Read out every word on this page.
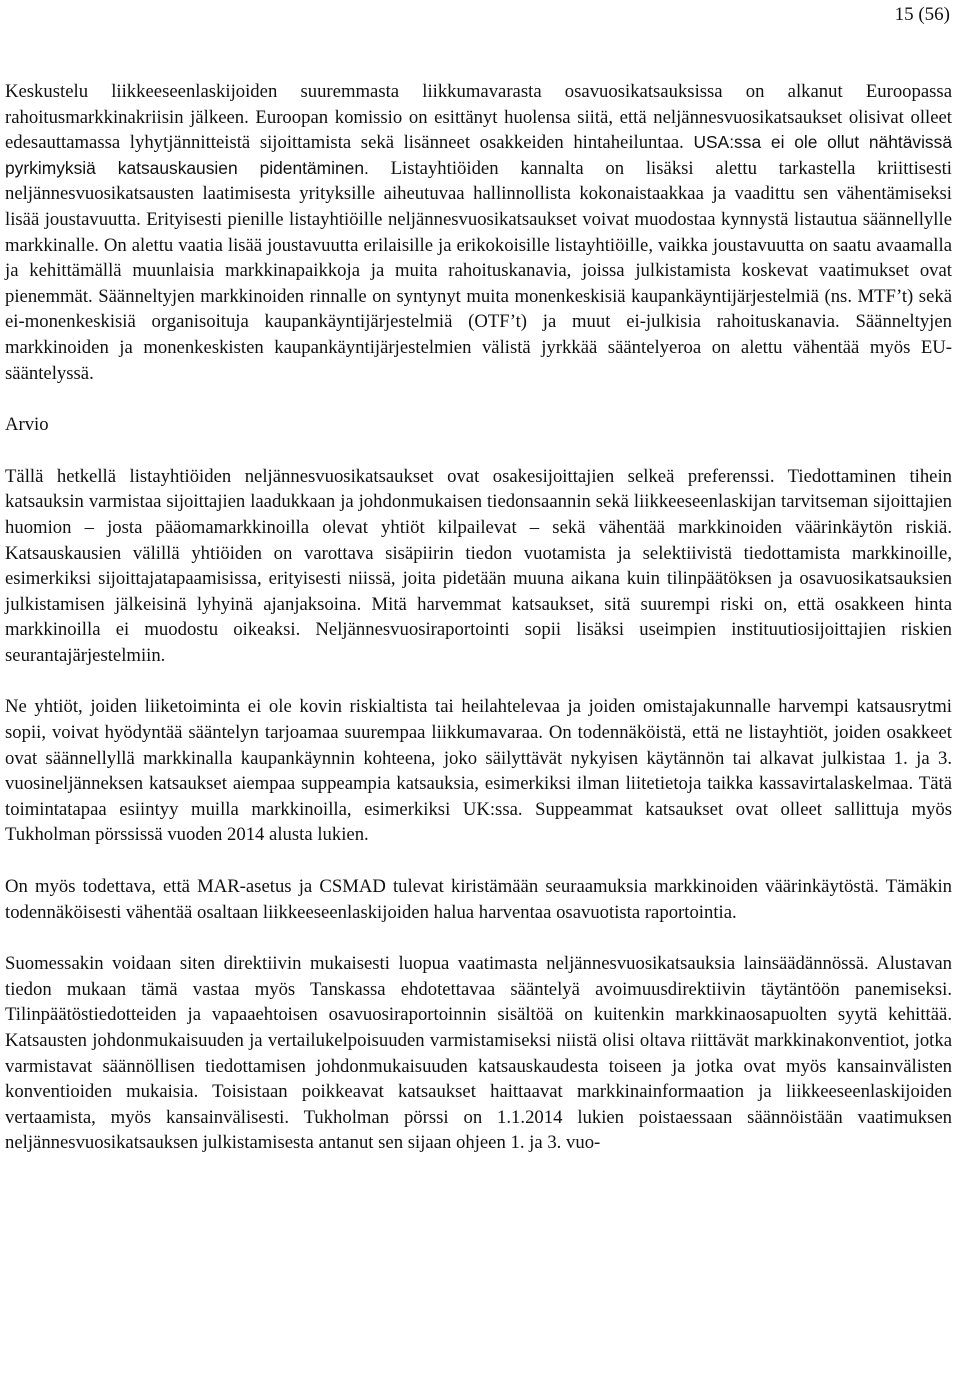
15 (56)

Keskustelu liikkeeseenlaskijoiden suuremmasta liikkumavarasta osavuosikatsauksissa on alkanut Euroopassa rahoitusmarkkinakriisin jälkeen. Euroopan komissio on esittänyt huolensa siitä, että neljännesvuosikatsaukset olisivat olleet edesauttamassa lyhytjännitteistä sijoittamista sekä lisänneet osakkeiden hintaheiluntaa. USA:ssa ei ole ollut nähtävissä pyrkimyksiä katsauskausien pidentäminen. Listayhtiöiden kannalta on lisäksi alettu tarkastella kriittisesti neljännesvuosikatsausten laatimisesta yrityksille aiheutuvaa hallinnollista kokonaistaakkaa ja vaadittu sen vähentämiseksi lisää joustavuutta. Erityisesti pienille listayhtiöille neljännesvuosikatsaukset voivat muodostaa kynnystä listautua säännellylle markkinalle. On alettu vaatia lisää joustavuutta erilaisille ja erikokoisille listayhtiöille, vaikka joustavuutta on saatu avaamalla ja kehittämällä muunlaisia markkinapaikkoja ja muita rahoituskanavia, joissa julkistamista koskevat vaatimukset ovat pienemmät. Säänneltyjen markkinoiden rinnalle on syntynyt muita monenkeskisiä kaupankäyntijärjestelmiä (ns. MTF’t) sekä ei-monenkeskisiä organisoituja kaupankäyntijärjestelmiä (OTF’t) ja muut ei-julkisia rahoituskanavia. Säänneltyjen markkinoiden ja monenkeskisten kaupankäyntijärjestelmien välistä jyrkkää sääntelyeroa on alettu vähentää myös EU-sääntelyssä.

Arvio

Tällä hetkellä listayhtiöiden neljännesvuosikatsaukset ovat osakesijoittajien selkeä preferenssi. Tiedottaminen tihein katsauksin varmistaa sijoittajien laadukkaan ja johdonmukaisen tiedonsaannin sekä liikkeeseenlaskijan tarvitseman sijoittajien huomion – josta pääomamarkkinoilla olevat yhtiöt kilpailevat – sekä vähentää markkinoiden väärinkäytön riskiä. Katsauskausien välillä yhtiöiden on varottava sisäpiirin tiedon vuotamista ja selektiivistä tiedottamista markkinoille, esimerkiksi sijoittajatapaamisissa, erityisesti niissä, joita pidetään muuna aikana kuin tilinpäätöksen ja osavuosikatsauksien julkistamisen jälkeisinä lyhyinä ajanjaksoina. Mitä harvemmat katsaukset, sitä suurempi riski on, että osakkeen hinta markkinoilla ei muodostu oikeaksi. Neljännesvuosiraportointi sopii lisäksi useimpien instituutiosijoittajien riskien seurantajärjestelmiin.

Ne yhtiöt, joiden liiketoiminta ei ole kovin riskialtista tai heilahtelevaa ja joiden omistajakunnalle harvempi katsausrytmi sopii, voivat hyödyntää sääntelyn tarjoamaa suurempaa liikkumavaraa. On todennäköistä, että ne listayhtiöt, joiden osakkeet ovat säännellyllä markkinalla kaupankäynnin kohteena, joko säilyttävät nykyisen käytännön tai alkavat julkistaa 1. ja 3. vuosineljänneksen katsaukset aiempaa suppeampia katsauksia, esimerkiksi ilman liitetietoja taikka kassavirtalaskelmaa. Tätä toimintatapaa esiintyy muilla markkinoilla, esimerkiksi UK:ssa. Suppeammat katsaukset ovat olleet sallittuja myös Tukholman pörssissä vuoden 2014 alusta lukien.

On myös todettava, että MAR-asetus ja CSMAD tulevat kiristämään seuraamuksia markkinoiden väärinkäytöstä. Tämäkin todennäköisesti vähentää osaltaan liikkeeseenlaskijoiden halua harventaa osavuotista raportointia.

Suomessakin voidaan siten direktiivin mukaisesti luopua vaatimasta neljännesvuosikatsauksia lainsäädännössä. Alustavan tiedon mukaan tämä vastaa myös Tanskassa ehdotettavaa sääntelyä avoimuusdirektiivin täytäntöön panemiseksi. Tilinpäätöstiedotteiden ja vapaaehtoisen osavuosiraportoinnin sisältöä on kuitenkin markkinaosapuolten syytä kehittää. Katsausten johdonmukaisuuden ja vertailukelpoisuuden varmistamiseksi niistä olisi oltava riittävät markkinakonventiot, jotka varmistavat säännöllisen tiedottamisen johdonmukaisuuden katsauskaudesta toiseen ja jotka ovat myös kansainvälisten konventioiden mukaisia. Toisistaan poikkeavat katsaukset haittaavat markkinainformaation ja liikkeeseenlaskijoiden vertaamista, myös kansainvälisesti. Tukholman pörssi on 1.1.2014 lukien poistaessaan säännöistään vaatimuksen neljännesvuosikatsauksen julkistamisesta antanut sen sijaan ohjeen 1. ja 3. vuo-
